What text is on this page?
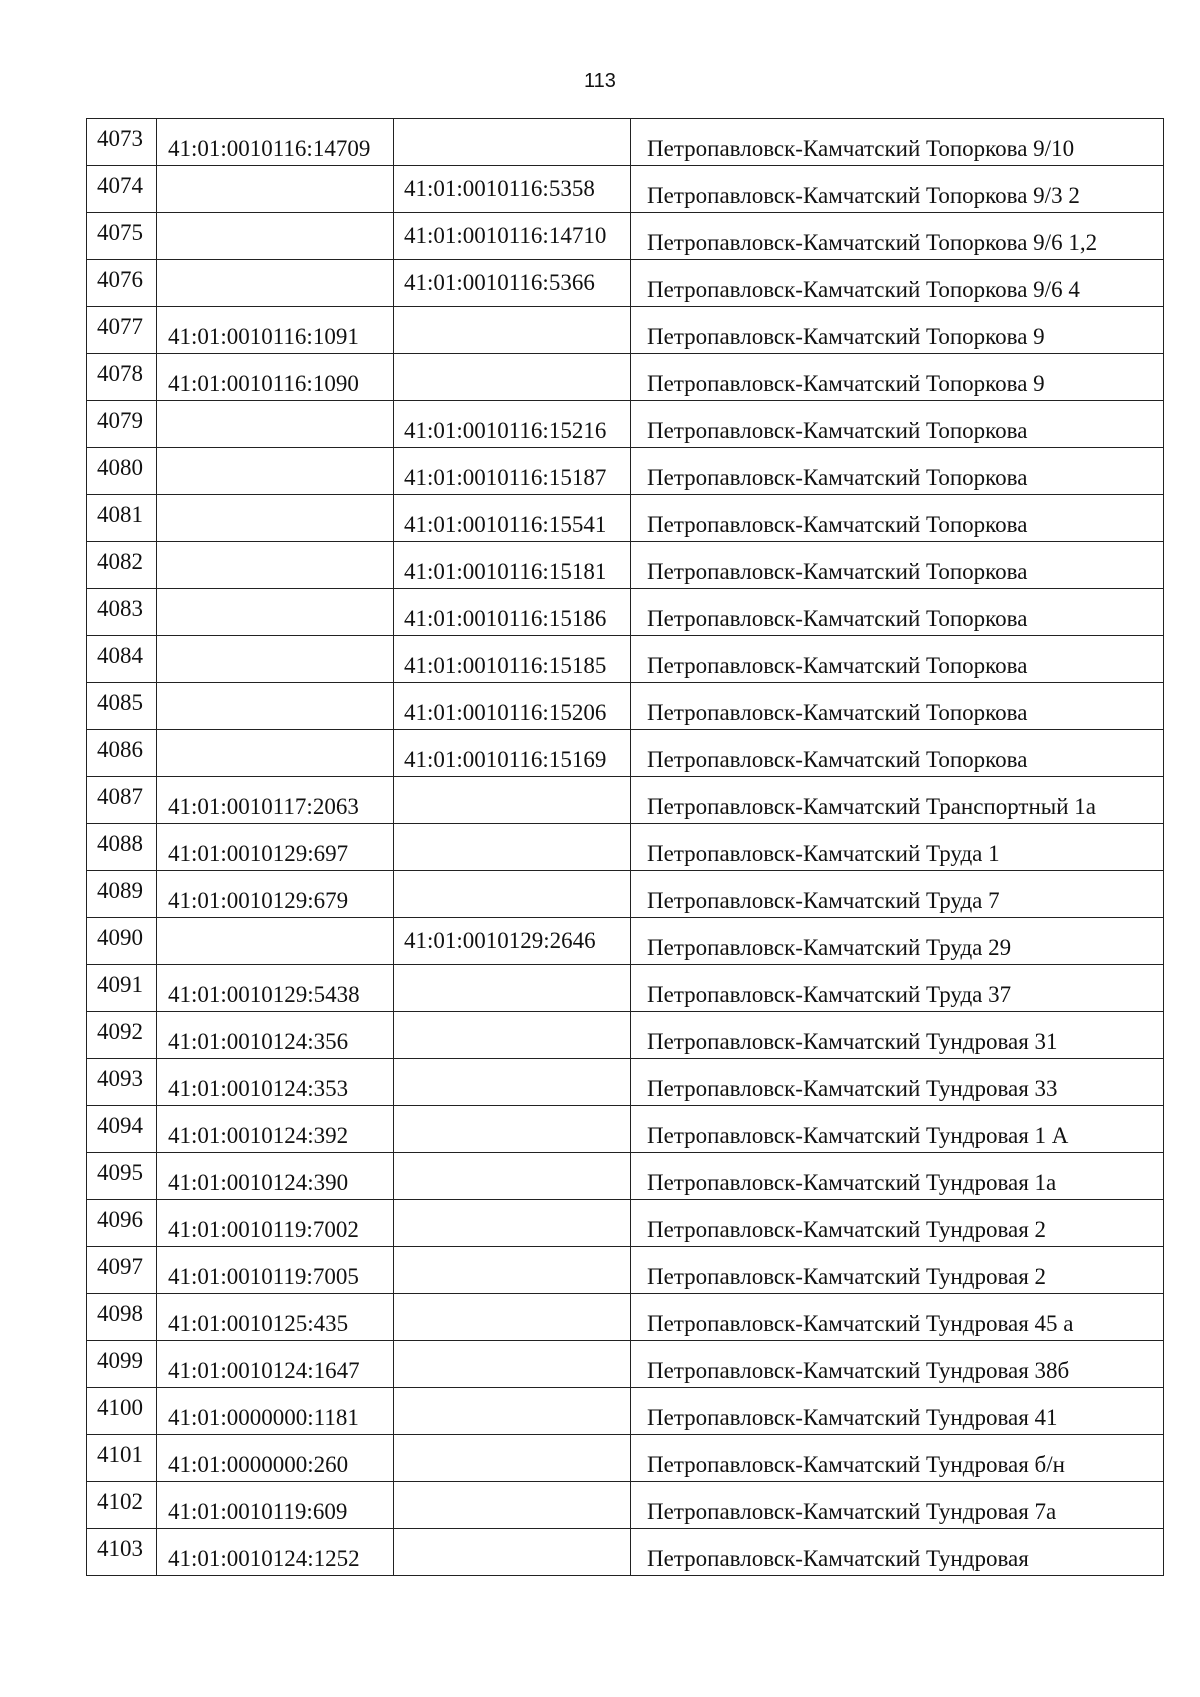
113
4073	41:01:0010116:14709		Петропавловск-Камчатский Топоркова 9/10

4074		41:01:0010116:5358	Петропавловск-Камчатский Топоркова 9/3 2

4075		41:01:0010116:14710	Петропавловск-Камчатский Топоркова 9/6 1,2

4076		41:01:0010116:5366	Петропавловск-Камчатский Топоркова 9/6 4

4077	41:01:0010116:1091		Петропавловск-Камчатский Топоркова 9

4078	41:01:0010116:1090		Петропавловск-Камчатский Топоркова 9

4079		41:01:0010116:15216	Петропавловск-Камчатский Топоркова

4080		41:01:0010116:15187	Петропавловск-Камчатский Топоркова

4081		41:01:0010116:15541	Петропавловск-Камчатский Топоркова

4082		41:01:0010116:15181	Петропавловск-Камчатский Топоркова

4083		41:01:0010116:15186	Петропавловск-Камчатский Топоркова

4084		41:01:0010116:15185	Петропавловск-Камчатский Топоркова

4085		41:01:0010116:15206	Петропавловск-Камчатский Топоркова

4086		41:01:0010116:15169	Петропавловск-Камчатский Топоркова

4087	41:01:0010117:2063		Петропавловск-Камчатский Транспортный 1а

4088	41:01:0010129:697		Петропавловск-Камчатский Труда 1

4089	41:01:0010129:679		Петропавловск-Камчатский Труда 7

4090		41:01:0010129:2646	Петропавловск-Камчатский Труда 29

4091	41:01:0010129:5438		Петропавловск-Камчатский Труда 37

4092	41:01:0010124:356		Петропавловск-Камчатский Тундровая 31

4093	41:01:0010124:353		Петропавловск-Камчатский Тундровая 33

4094	41:01:0010124:392		Петропавловск-Камчатский Тундровая 1 А

4095	41:01:0010124:390		Петропавловск-Камчатский Тундровая 1а

4096	41:01:0010119:7002		Петропавловск-Камчатский Тундровая 2

4097	41:01:0010119:7005		Петропавловск-Камчатский Тундровая 2

4098	41:01:0010125:435		Петропавловск-Камчатский Тундровая 45 а

4099	41:01:0010124:1647		Петропавловск-Камчатский Тундровая 38б

4100	41:01:0000000:1181		Петропавловск-Камчатский Тундровая 41

4101	41:01:0000000:260		Петропавловск-Камчатский Тундровая б/н

4102	41:01:0010119:609		Петропавловск-Камчатский Тундровая 7а

4103	41:01:0010124:1252		Петропавловск-Камчатский Тундровая
